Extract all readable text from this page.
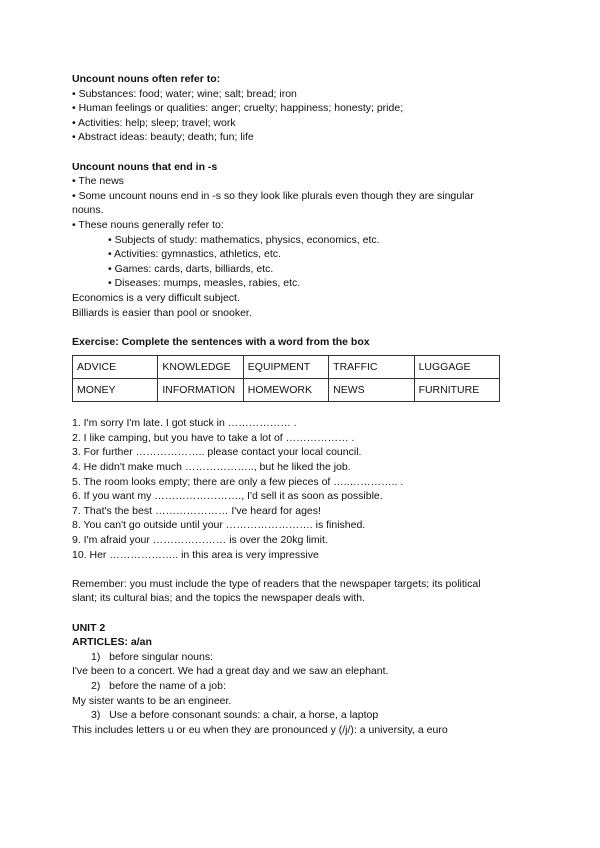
Uncount nouns often refer to:
• Substances: food; water; wine; salt; bread; iron
• Human feelings or qualities: anger; cruelty; happiness; honesty; pride;
• Activities: help; sleep; travel; work
• Abstract ideas: beauty; death; fun; life
Uncount nouns that end in -s
• The news
• Some uncount nouns end in -s so they look like plurals even though they are singular
nouns.
• These nouns generally refer to:
• Subjects of study: mathematics, physics, economics, etc.
• Activities: gymnastics, athletics, etc.
• Games: cards, darts, billiards, etc.
• Diseases: mumps, measles, rabies, etc.
Economics is a very difficult subject.
Billiards is easier than pool or snooker.
Exercise: Complete the sentences with a word from the box
ADVICE	KNOWLEDGE	EQUIPMENT	TRAFFIC	LUGGAGE
MONEY	INFORMATION	HOMEWORK	NEWS	FURNITURE
1. I'm sorry I'm late. I got stuck in ……………… .
2. I like camping, but you have to take a lot of ……………… .
3. For further ……………….. please contact your local council.
4. He didn't make much ……………….., but he liked the job.
5. The room looks empty; there are only a few pieces of …..………….. .
6. If you want my ……………………., I'd sell it as soon as possible.
7. That's the best ………………… I've heard for ages!
8. You can't go outside until your ……………………. is finished.
9. I'm afraid your ………………… is over the 20kg limit.
10. Her ……………….. in this area is very impressive
Remember: you must include the type of readers that the newspaper targets; its political
slant; its cultural bias; and the topics the newspaper deals with.
UNIT 2
ARTICLES: a/an
1) before singular nouns:
I've been to a concert. We had a great day and we saw an elephant.
2) before the name of a job:
My sister wants to be an engineer.
3) Use a before consonant sounds: a chair, a horse, a laptop
This includes letters u or eu when they are pronounced y (/j/): a university, a euro
